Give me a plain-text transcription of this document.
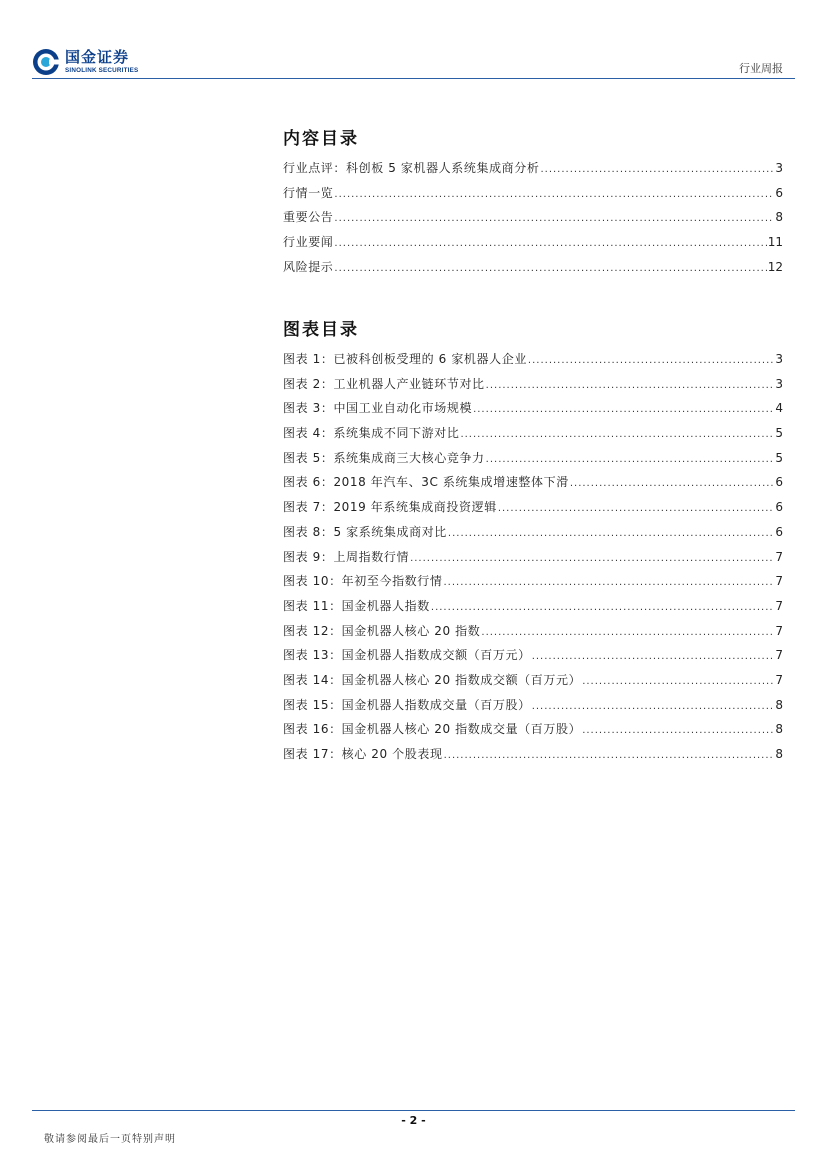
国金证券
SINOLINK SECURITIES	行业周报
内容目录
行业点评：科创板 5 家机器人系统集成商分析 .....	3
行情一览 .....	6
重要公告 .....	8
行业要闻 .....	11
风险提示 .....	12
图表目录
图表 1：已被科创板受理的 6 家机器人企业 .....	3
图表 2：工业机器人产业链环节对比 .....	3
图表 3：中国工业自动化市场规模 .....	4
图表 4：系统集成不同下游对比 .....	5
图表 5：系统集成商三大核心竞争力 .....	5
图表 6：2018 年汽车、3C 系统集成增速整体下滑 .....	6
图表 7：2019 年系统集成商投资逻辑 .....	6
图表 8：5 家系统集成商对比 .....	6
图表 9：上周指数行情 .....	7
图表 10：年初至今指数行情 .....	7
图表 11：国金机器人指数 .....	7
图表 12：国金机器人核心 20 指数 .....	7
图表 13：国金机器人指数成交额（百万元） .....	7
图表 14：国金机器人核心 20 指数成交额（百万元） .....	7
图表 15：国金机器人指数成交量（百万股） .....	8
图表 16：国金机器人核心 20 指数成交量（百万股） .....	8
图表 17：核心 20 个股表现 .....	8
- 2 -
敬请参阅最后一页特别声明
